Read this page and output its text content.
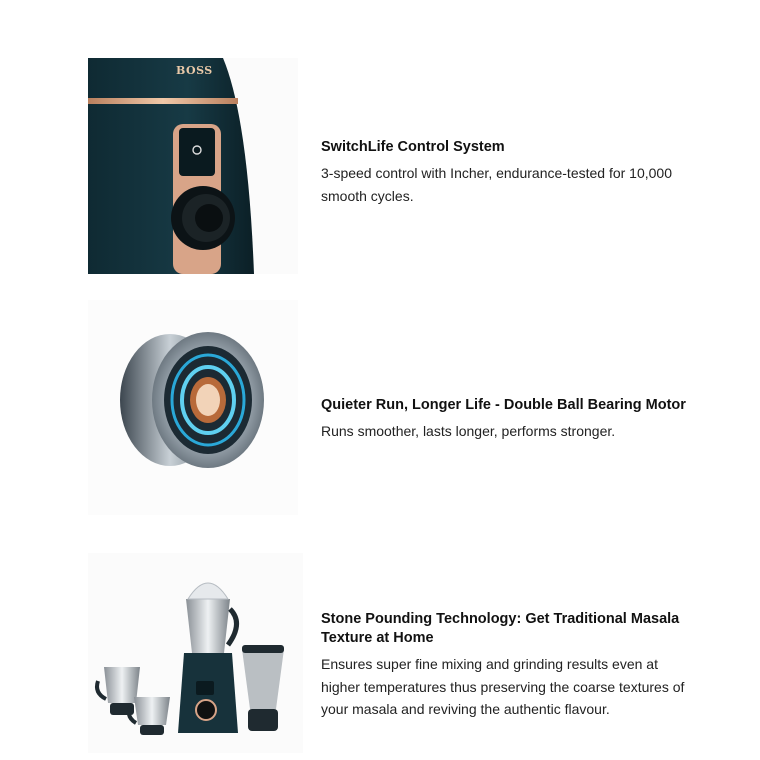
BOSS

SwitchLife Control System

3-speed control with Incher, endurance-tested for 10,000 smooth cycles.

Quieter Run, Longer Life - Double Ball Bearing Motor

Runs smoother, lasts longer, performs stronger.

Stone Pounding Technology: Get Traditional Masala Texture at Home

Ensures super fine mixing and grinding results even at higher temperatures thus preserving the coarse textures of your masala and reviving the authentic flavour.
